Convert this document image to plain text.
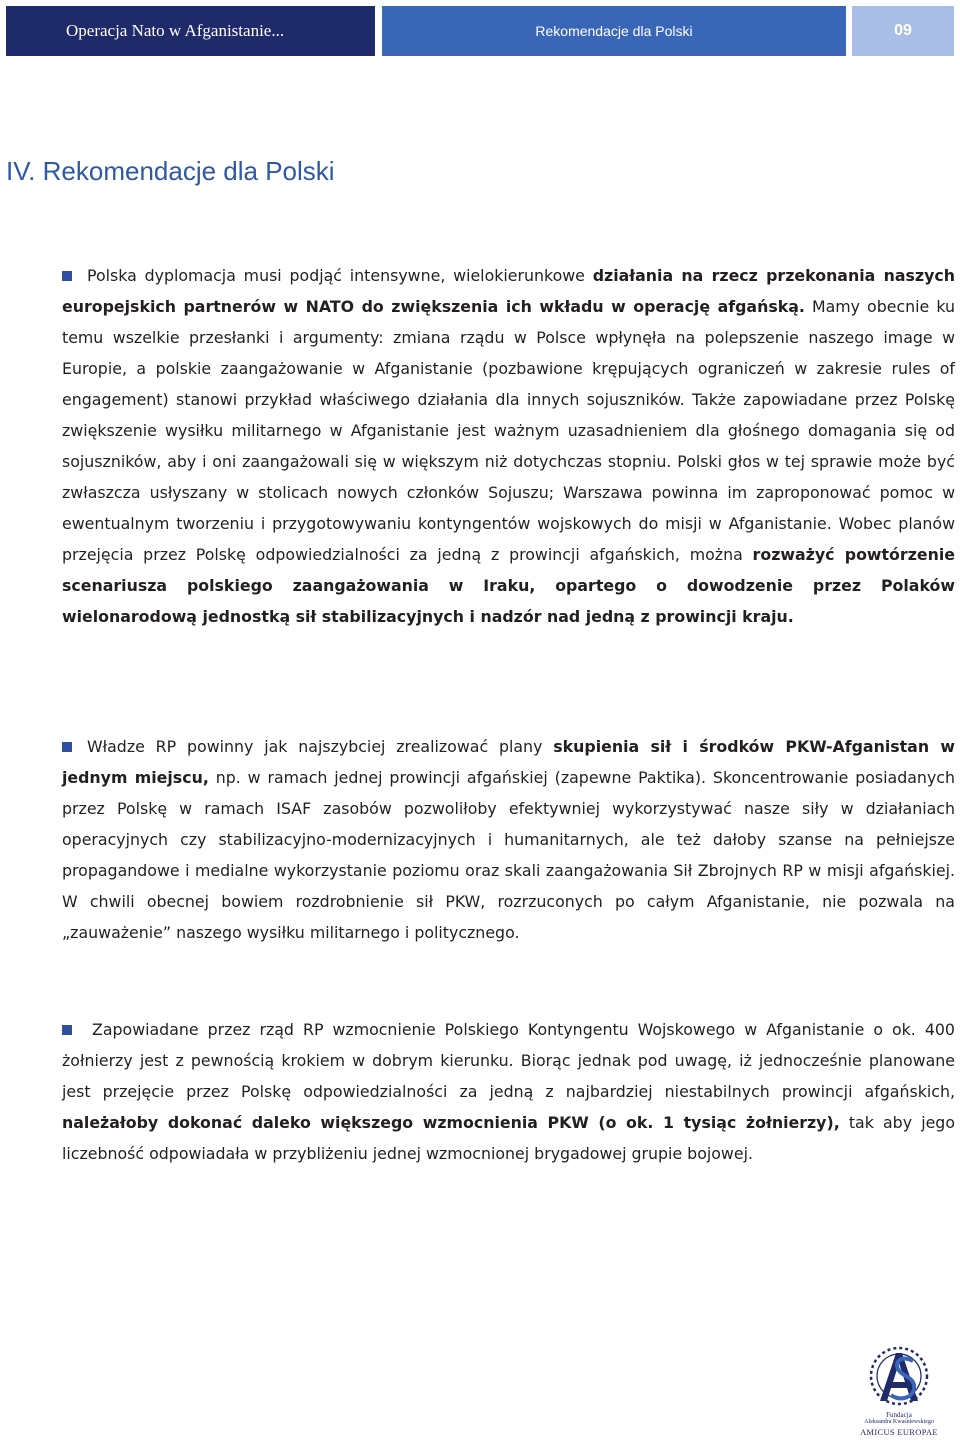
Operacja Nato w Afganistanie...	Rekomendacje dla Polski	09
IV. Rekomendacje dla Polski

Polska dyplomacja musi podjąć intensywne, wielokierunkowe działania na rzecz przekonania naszych europejskich partnerów w NATO do zwiększenia ich wkładu w operację afgańską. Mamy obecnie ku temu wszelkie przesłanki i argumenty: zmiana rządu w Polsce wpłynęła na polepszenie naszego image w Europie, a polskie zaangażowanie w Afganistanie (pozbawione krępujących ograniczeń w zakresie rules of engagement) stanowi przykład właściwego działania dla innych sojuszników. Także zapowiadane przez Polskę zwiększenie wysiłku militarnego w Afganistanie jest ważnym uzasadnieniem dla głośnego domagania się od sojuszników, aby i oni zaangażowali się w większym niż dotychczas stopniu. Polski głos w tej sprawie może być zwłaszcza usłyszany w stolicach nowych członków Sojuszu; Warszawa powinna im zaproponować pomoc w ewentualnym tworzeniu i przygotowywaniu kontyngentów wojskowych do misji w Afganistanie. Wobec planów przejęcia przez Polskę odpowiedzialności za jedną z prowincji afgańskich, można rozważyć powtórzenie scenariusza polskiego zaangażowania w Iraku, opartego o dowodzenie przez Polaków wielonarodową jednostką sił stabilizacyjnych i nadzór nad jedną z prowincji kraju.

Władze RP powinny jak najszybciej zrealizować plany skupienia sił i środków PKW-Afganistan w jednym miejscu, np. w ramach jednej prowincji afgańskiej (zapewne Paktika). Skoncentrowanie posiadanych przez Polskę w ramach ISAF zasobów pozwoliłoby efektywniej wykorzystywać nasze siły w działaniach operacyjnych czy stabilizacyjno-modernizacyjnych i humanitarnych, ale też dałoby szanse na pełniejsze propagandowe i medialne wykorzystanie poziomu oraz skali zaangażowania Sił Zbrojnych RP w misji afgańskiej. W chwili obecnej bowiem rozdrobnienie sił PKW, rozrzuconych po całym Afganistanie, nie pozwala na „zauważenie” naszego wysiłku militarnego i politycznego.

Zapowiadane przez rząd RP wzmocnienie Polskiego Kontyngentu Wojskowego w Afganistanie o ok. 400 żołnierzy jest z pewnością krokiem w dobrym kierunku. Biorąc jednak pod uwagę, iż jednocześnie planowane jest przejęcie przez Polskę odpowiedzialności za jedną z najbardziej niestabilnych prowincji afgańskich, należałoby dokonać daleko większego wzmocnienia PKW (o ok. 1 tysiąc żołnierzy), tak aby jego liczebność odpowiadała w przybliżeniu jednej wzmocnionej brygadowej grupie bojowej.

Fundacja
Aleksandra Kwaśniewskiego
AMICUS EUROPAE
